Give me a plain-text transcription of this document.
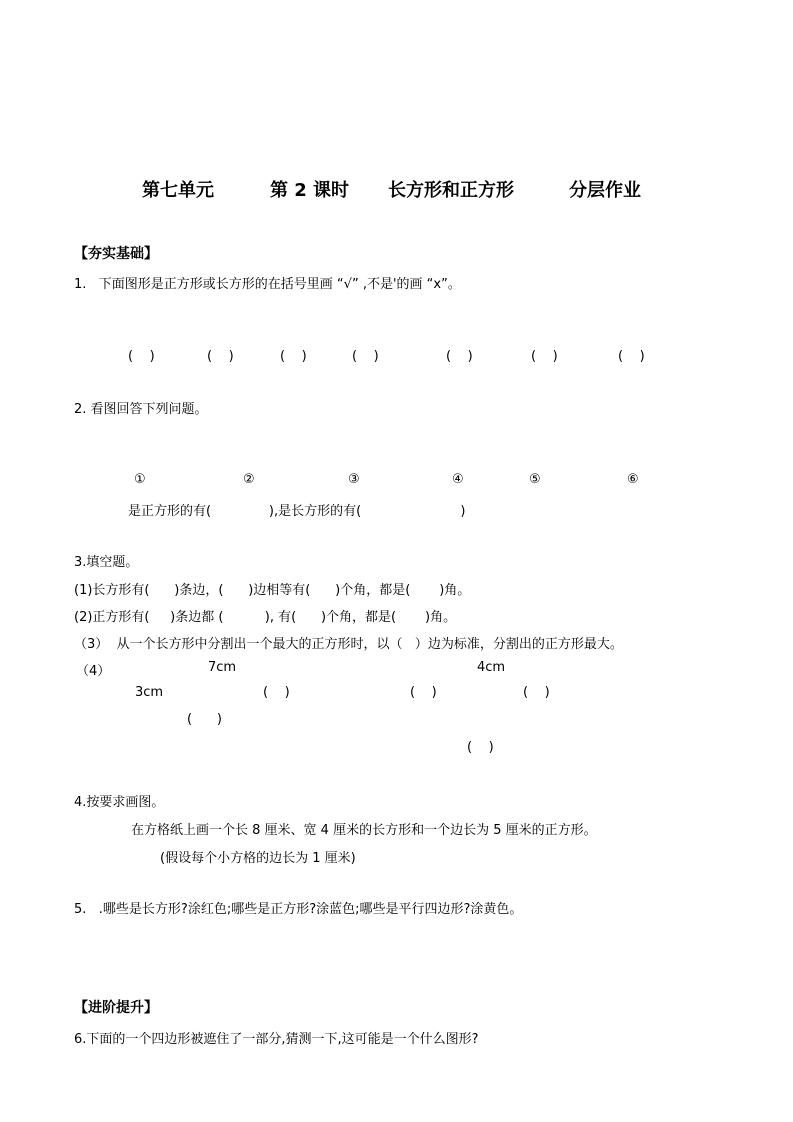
第七单元	第 2 课时 长方形和正方形	分层作业
【夯实基础】
1.   下面图形是正方形或长方形的在括号里画 “√” ,不是'的画 “x”。
(    )	(    )	(    )	(    )	(    )	(    )	(    )
2. 看图回答下列问题。
①	②	③	④	⑤	⑥
是正方形的有(              ),是长方形的有(                        )
3.填空题。
(1)长方形有(      )条边，(      )边相等有(      )个角，都是(       )角。
(2)正方形有(     )条边都 (          ), 有(      )个角，都是(       )角。
（3）  从一个长方形中分割出一个最大的正方形时，以（   ）边为标准，分割出的正方形最大。
（4）	7cm	4cm
3cm	(    )	(    )	(    )
(      )
(    )
4.按要求画图。
在方格纸上画一个长 8 厘米、宽 4 厘米的长方形和一个边长为 5 厘米的正方形。
(假设每个小方格的边长为 1 厘米)
5.   .哪些是长方形?涂红色;哪些是正方形?涂蓝色;哪些是平行四边形?涂黄色。
【进阶提升】
6.下面的一个四边形被遮住了一部分,猜测一下,这可能是一个什么图形?
